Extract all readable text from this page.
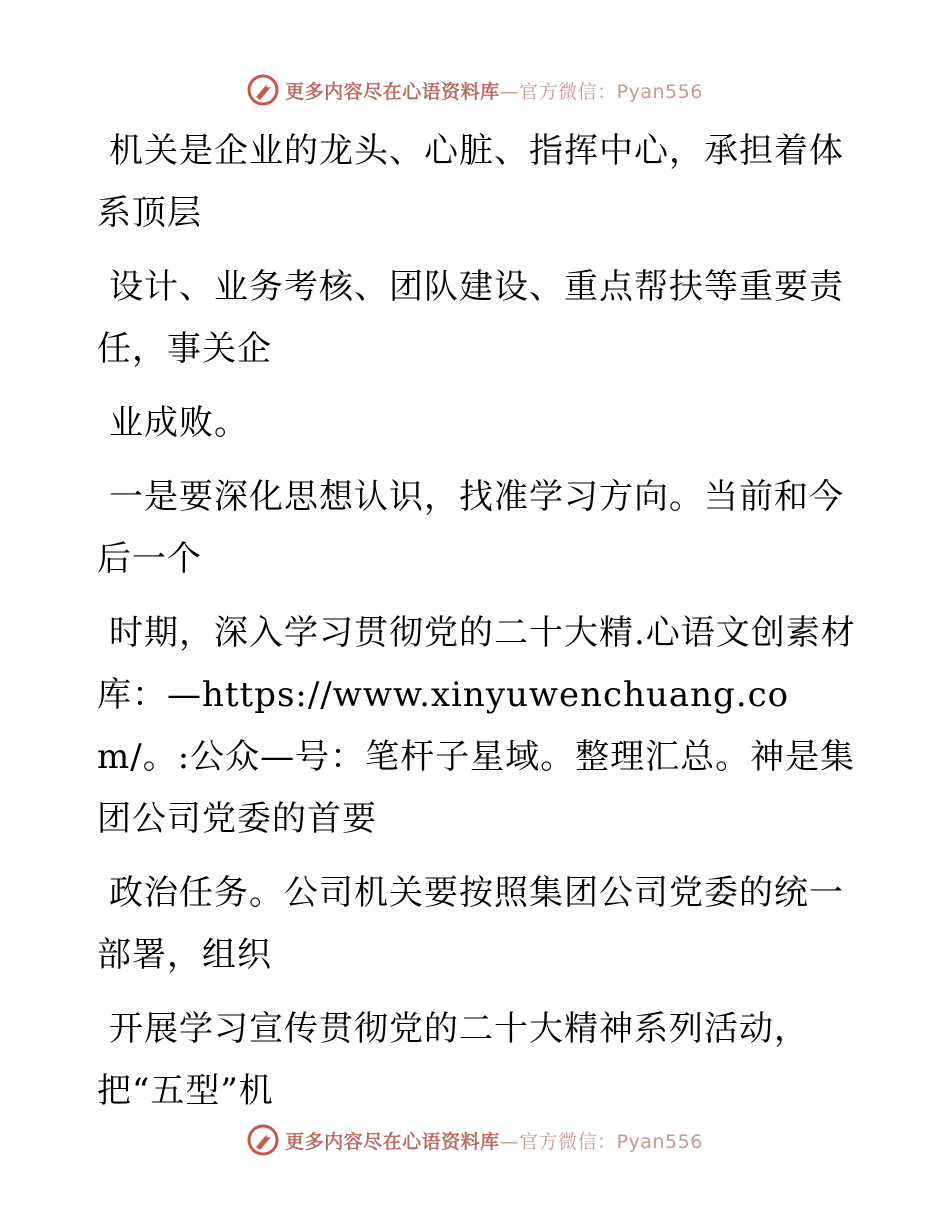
更多内容尽在心语资料库—官方微信：Pyan556

机关是企业的龙头、心脏、指挥中心，承担着体系顶层

设计、业务考核、团队建设、重点帮扶等重要责任，事关企

业成败。

一是要深化思想认识，找准学习方向。当前和今后一个

时期，深入学习贯彻党的二十大精.心语文创素材库：—https://www.xinyuwenchuang.com/。:公众—号：笔杆子星域。整理汇总。神是集团公司党委的首要

政治任务。公司机关要按照集团公司党委的统一部署，组织

开展学习宣传贯彻党的二十大精神系列活动，把“五型”机

更多内容尽在心语资料库—官方微信：Pyan556
